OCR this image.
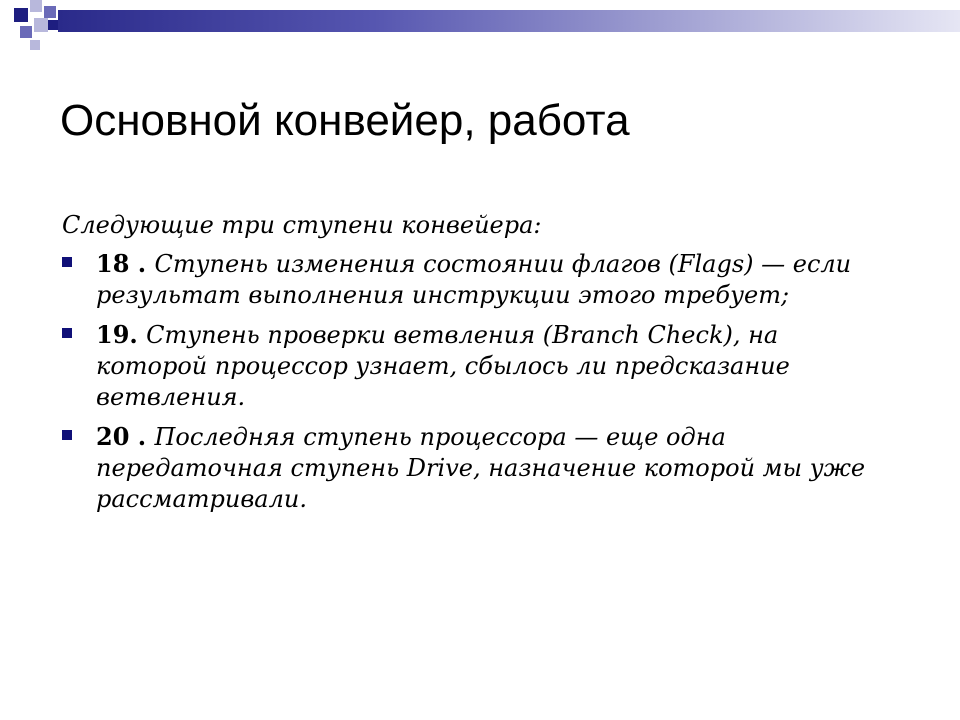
Основной конвейер, работа

Следующие три ступени конвейера:

18 . Ступень изменения состоянии флагов (Flags) — если результат выполнения инструкции этого требует;
19. Ступень проверки ветвления (Branch Check), на которой процессор узнает, сбылось ли предсказание ветвления.
20 . Последняя ступень процессора — еще одна передаточная ступень Drive, назначение которой мы уже рассматривали.
